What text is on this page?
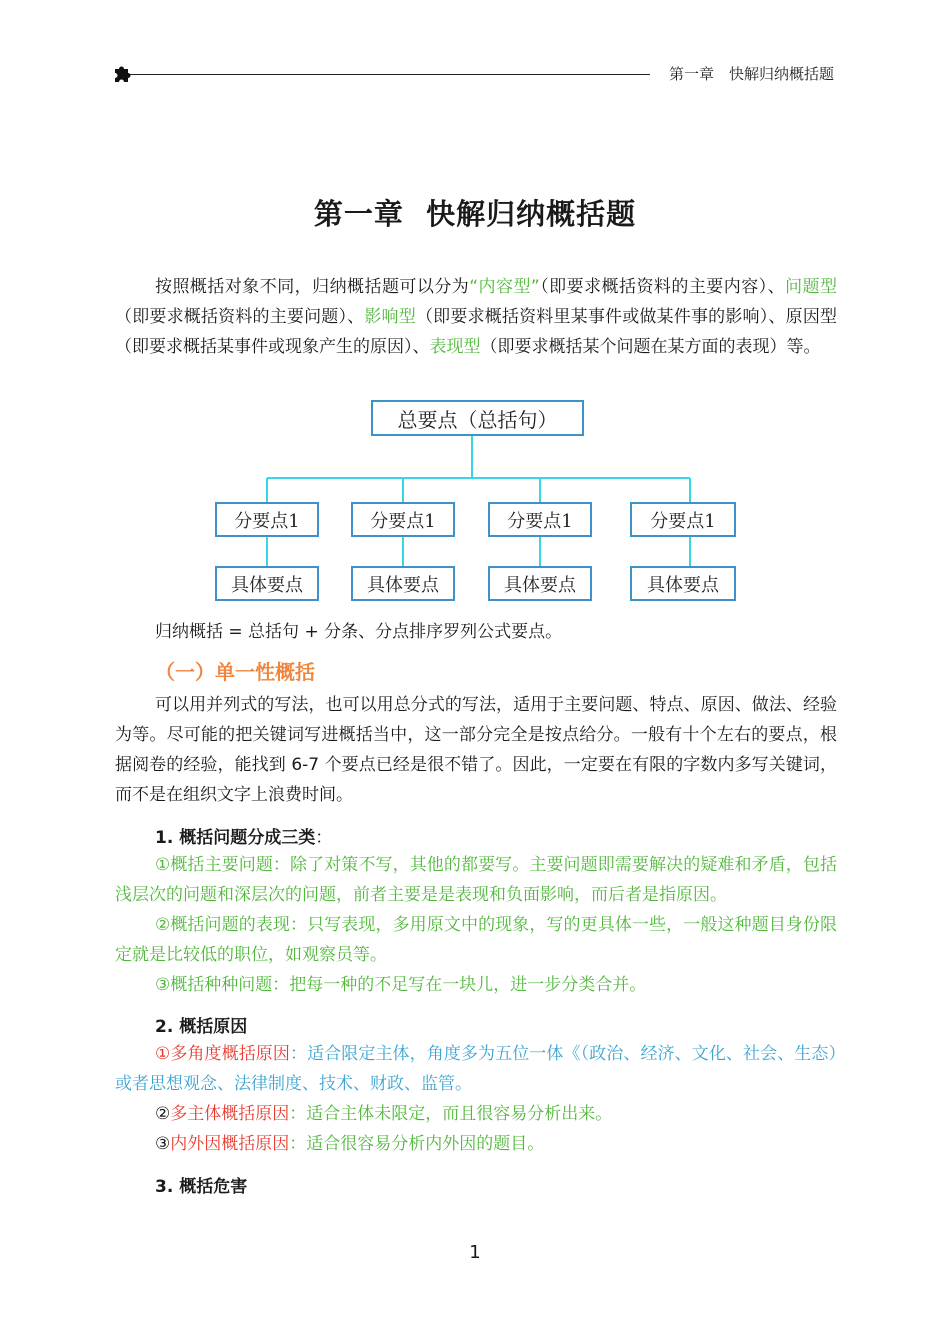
第一章　快解归纳概括题
第一章  快解归纳概括题

按照概括对象不同，归纳概括题可以分为“内容型”（即要求概括资料的主要内容）、问题型（即要求概括资料的主要问题）、影响型（即要求概括资料里某事件或做某件事的影响）、原因型（即要求概括某事件或现象产生的原因）、表现型（即要求概括某个问题在某方面的表现）等。

总要点（总括句）
分要点1	分要点1	分要点1	分要点1
具体要点	具体要点	具体要点	具体要点
归纳概括 = 总括句 + 分条、分点排序罗列公式要点。
（一）单一性概括

可以用并列式的写法，也可以用总分式的写法，适用于主要问题、特点、原因、做法、经验为等。尽可能的把关键词写进概括当中，这一部分完全是按点给分。一般有十个左右的要点，根据阅卷的经验，能找到 6-7 个要点已经是很不错了。因此，一定要在有限的字数内多写关键词，而不是在组织文字上浪费时间。

1. 概括问题分成三类：

①概括主要问题：除了对策不写，其他的都要写。主要问题即需要解决的疑难和矛盾，包括浅层次的问题和深层次的问题，前者主要是是表现和负面影响，而后者是指原因。

②概括问题的表现：只写表现，多用原文中的现象，写的更具体一些，一般这种题目身份限定就是比较低的职位，如观察员等。

③概括种种问题：把每一种的不足写在一块儿，进一步分类合并。

2. 概括原因

①多角度概括原因：适合限定主体，角度多为五位一体《（政治、经济、文化、社会、生态）或者思想观念、法律制度、技术、财政、监管。

②多主体概括原因：适合主体未限定，而且很容易分析出来。
③内外因概括原因：适合很容易分析内外因的题目。
3. 概括危害
1
